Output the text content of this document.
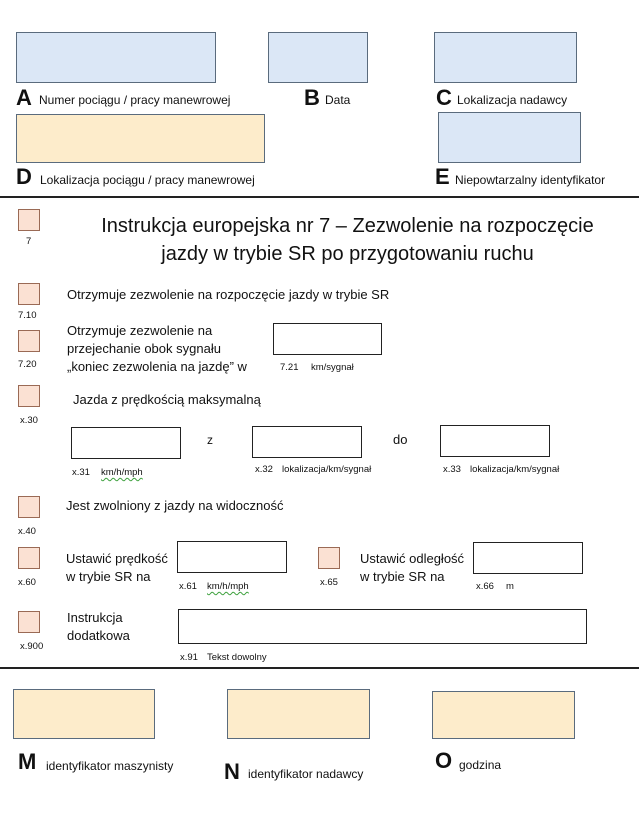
A Numer pociągu / pracy manewrowej	B Data	C Lokalizacja nadawcy
D Lokalizacja pociągu / pracy manewrowej	E Niepowtarzalny identyfikator
7
Instrukcja europejska nr 7 – Zezwolenie na rozpoczęcie
jazdy w trybie SR po przygotowaniu ruchu
7.10
Otrzymuje zezwolenie na rozpoczęcie jazdy w trybie SR
7.20
Otrzymuje zezwolenie na
przejechanie obok sygnału
„koniec zezwolenia na jazdę” w	7.21 km/sygnał
x.30
Jazda z prędkością maksymalną
x.31 km/h/mph
z
x.32 lokalizacja/km/sygnał
do
x.33 lokalizacja/km/sygnał
x.40
Jest zwolniony z jazdy na widoczność
x.60
Ustawić prędkość
w trybie SR na
x.61 km/h/mph	x.65
Ustawić odległość
w trybie SR na
x.66 m
x.900
Instrukcja
dodatkowa
x.91 Tekst dowolny
M identyfikator maszynisty N identyfikator nadawcy
O godzina
